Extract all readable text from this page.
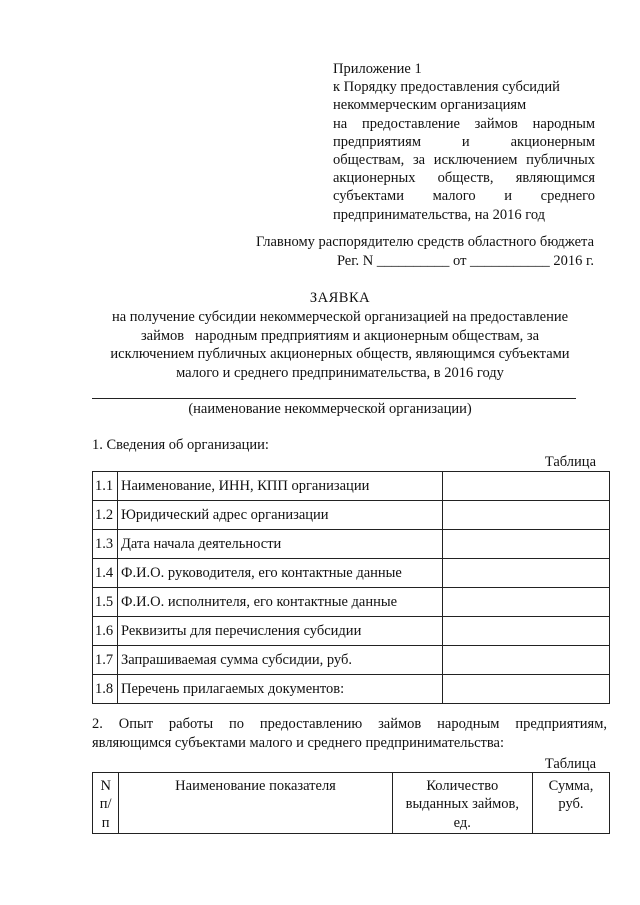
Приложение 1
к Порядку предоставления субсидий
некоммерческим организациям
на предоставление займов народным
предприятиям и акционерным
обществам, за исключением публичных
акционерных обществ, являющимся
субъектами малого и среднего
предпринимательства, на 2016 год
Главному распорядителю средств областного бюджета
Рег. N __________ от ___________ 2016 г.
ЗАЯВКА
на получение субсидии некоммерческой организацией на предоставление
займов   народным предприятиям и акционерным обществам, за
исключением публичных акционерных обществ, являющимся субъектами
малого и среднего предпринимательства, в 2016 году
(наименование некоммерческой организации)
1. Сведения об организации:
Таблица
1.1	Наименование, ИНН, КПП организации	
1.2	Юридический адрес организации	
1.3	Дата начала деятельности	
1.4	Ф.И.О. руководителя, его контактные данные	
1.5	Ф.И.О. исполнителя, его контактные данные	
1.6	Реквизиты для перечисления субсидии	
1.7	Запрашиваемая сумма субсидии, руб.	
1.8	Перечень прилагаемых документов:	
2. Опыт работы по предоставлению займов народным предприятиям,
являющимся субъектами малого и среднего предпринимательства:
Таблица
N п/п	Наименование показателя	Количество выданных займов, ед.	Сумма, руб.
